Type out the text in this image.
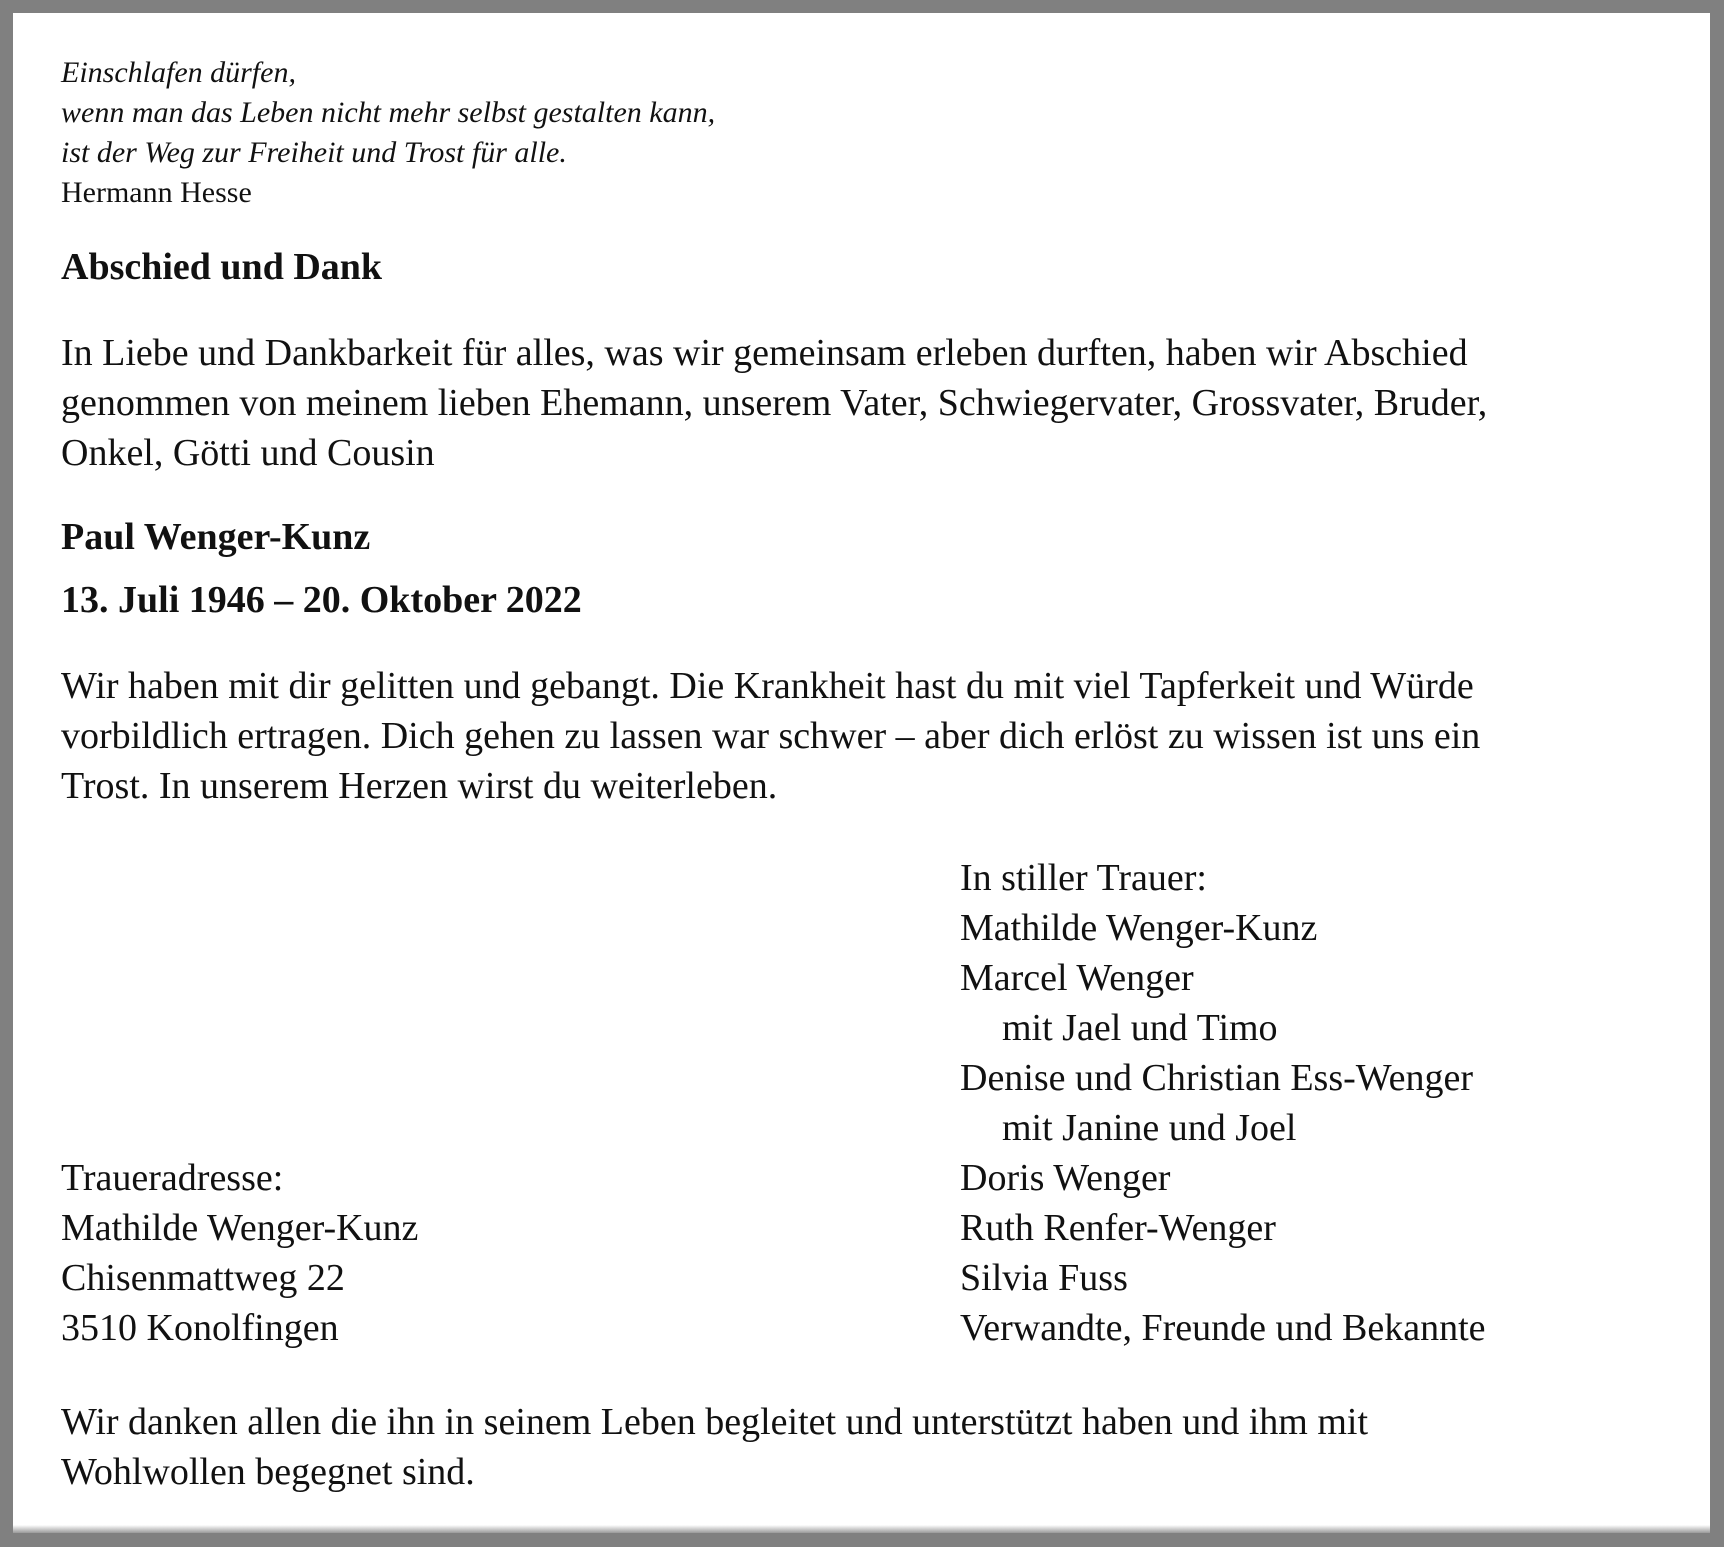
Einschlafen dürfen,
wenn man das Leben nicht mehr selbst gestalten kann,
ist der Weg zur Freiheit und Trost für alle.
Hermann Hesse
Abschied und Dank
In Liebe und Dankbarkeit für alles, was wir gemeinsam erleben durften, haben wir Abschied
genommen von meinem lieben Ehemann, unserem Vater, Schwiegervater, Grossvater, Bruder,
Onkel, Götti und Cousin
Paul Wenger-Kunz
13. Juli 1946 – 20. Oktober 2022
Wir haben mit dir gelitten und gebangt. Die Krankheit hast du mit viel Tapferkeit und Würde
vorbildlich ertragen. Dich gehen zu lassen war schwer – aber dich erlöst zu wissen ist uns ein
Trost. In unserem Herzen wirst du weiterleben.
In stiller Trauer:
Mathilde Wenger-Kunz
Marcel Wenger
mit Jael und Timo
Denise und Christian Ess-Wenger
mit Janine und Joel
Doris Wenger
Ruth Renfer-Wenger
Silvia Fuss
Verwandte, Freunde und Bekannte
Traueradresse:
Mathilde Wenger-Kunz
Chisenmattweg 22
3510 Konolfingen
Wir danken allen die ihn in seinem Leben begleitet und unterstützt haben und ihm mit
Wohlwollen begegnet sind.
